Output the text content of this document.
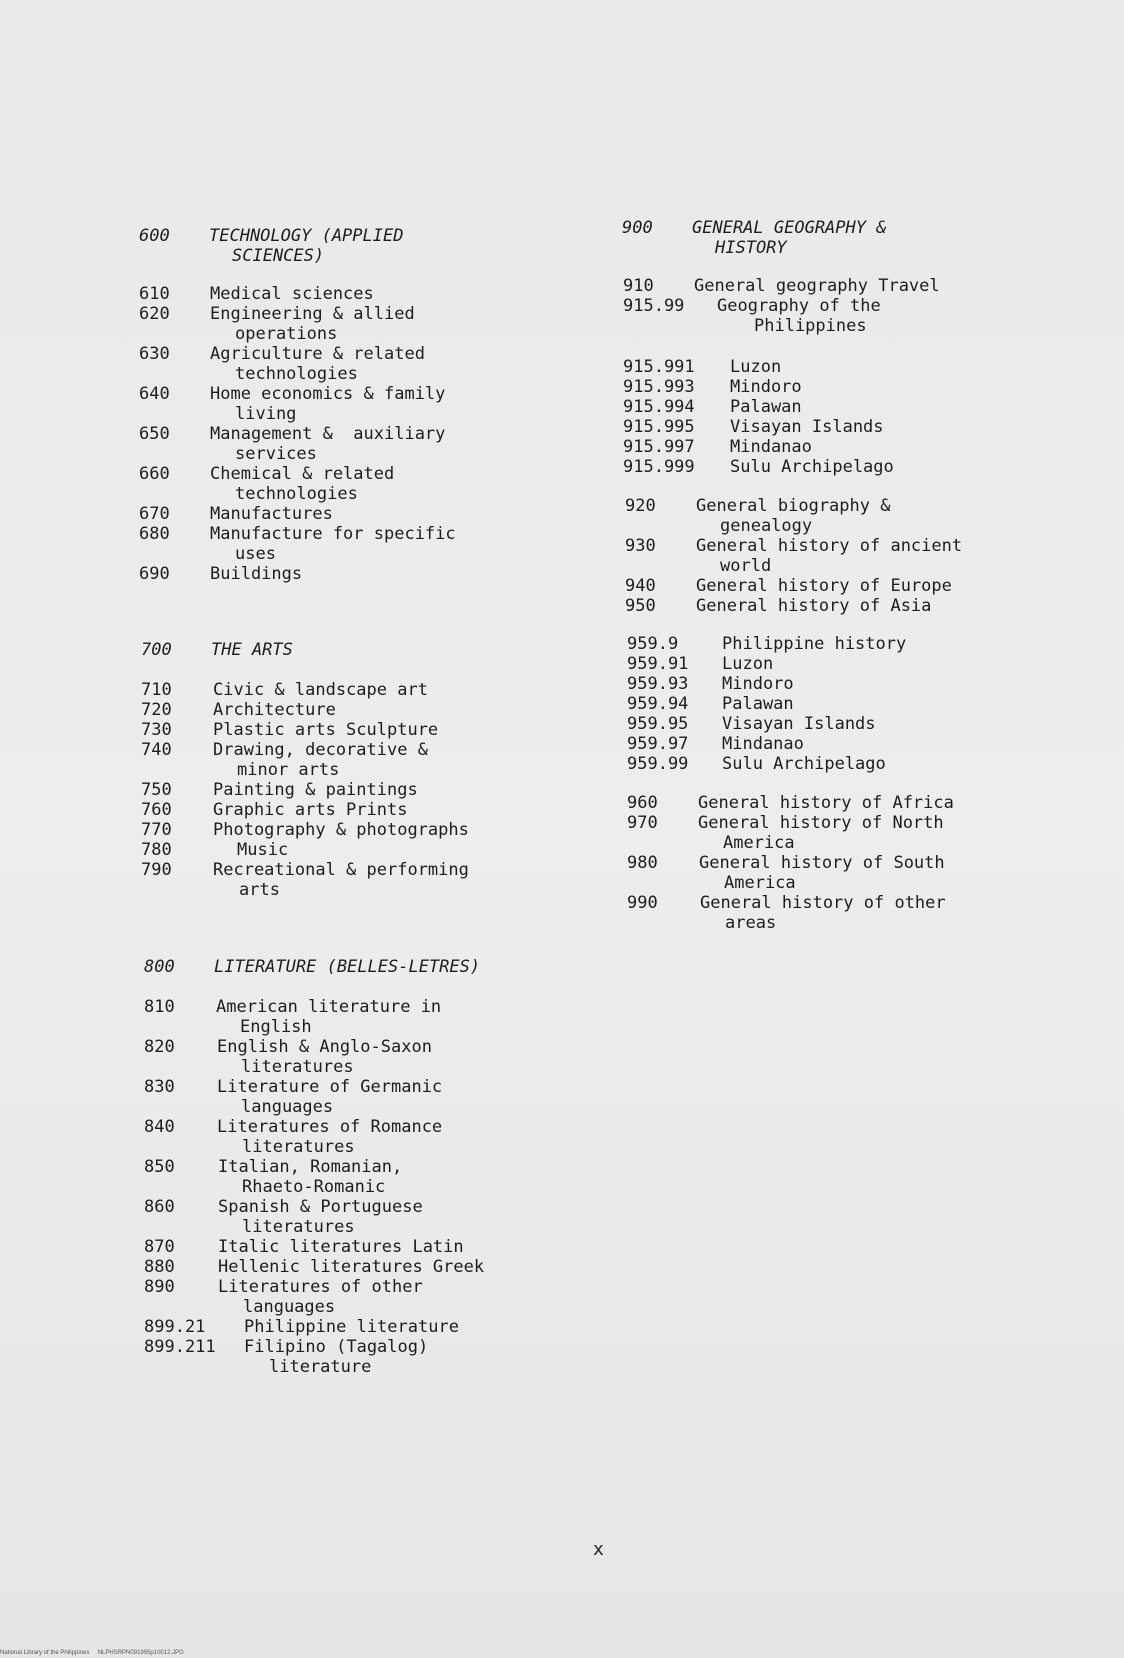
600 TECHNOLOGY (APPLIED
SCIENCES)
610 Medical sciences
620 Engineering & allied
operations
630 Agriculture & related
technologies
640 Home economics & family
living
650 Management &  auxiliary
services
660 Chemical & related
technologies
670 Manufactures
680 Manufacture for specific
uses
690 Buildings
700 THE ARTS
710 Civic & landscape art
720 Architecture
730 Plastic arts Sculpture
740 Drawing, decorative &
minor arts
750 Painting & paintings
760 Graphic arts Prints
770 Photography & photographs
780	Music
790 Recreational & performing
arts
800 LITERATURE (BELLES-LETRES)
810 American literature in
English
820 English & Anglo-Saxon
literatures
830 Literature of Germanic
languages
840 Literatures of Romance
literatures
850	Italian, Romanian,
Rhaeto-Romanic
860	Spanish & Portuguese
literatures
870	Italic literatures Latin
880	Hellenic literatures Greek
890	Literatures of other
languages
899.21 Philippine literature
899.211 Filipino (Tagalog)
literature
900 GENERAL GEOGRAPHY &
HISTORY
910 General geography Travel
915.99 Geography of the
Philippines
915.991 Luzon
915.993 Mindoro
915.994 Palawan
915.995 Visayan Islands
915.997 Mindanao
915.999 Sulu Archipelago
920 General biography &
genealogy
930 General history of ancient
world
940 General history of Europe
950 General history of Asia
959.9	Philippine history
959.91 Luzon
959.93 Mindoro
959.94 Palawan
959.95 Visayan Islands
959.97 Mindanao
959.99 Sulu Archipelago
960 General history of Africa
970 General history of North
America
980 General history of South
America
990 General history of other
areas
x
National Library of the Philippines     NLPHSRPN091995p10012.JPG
